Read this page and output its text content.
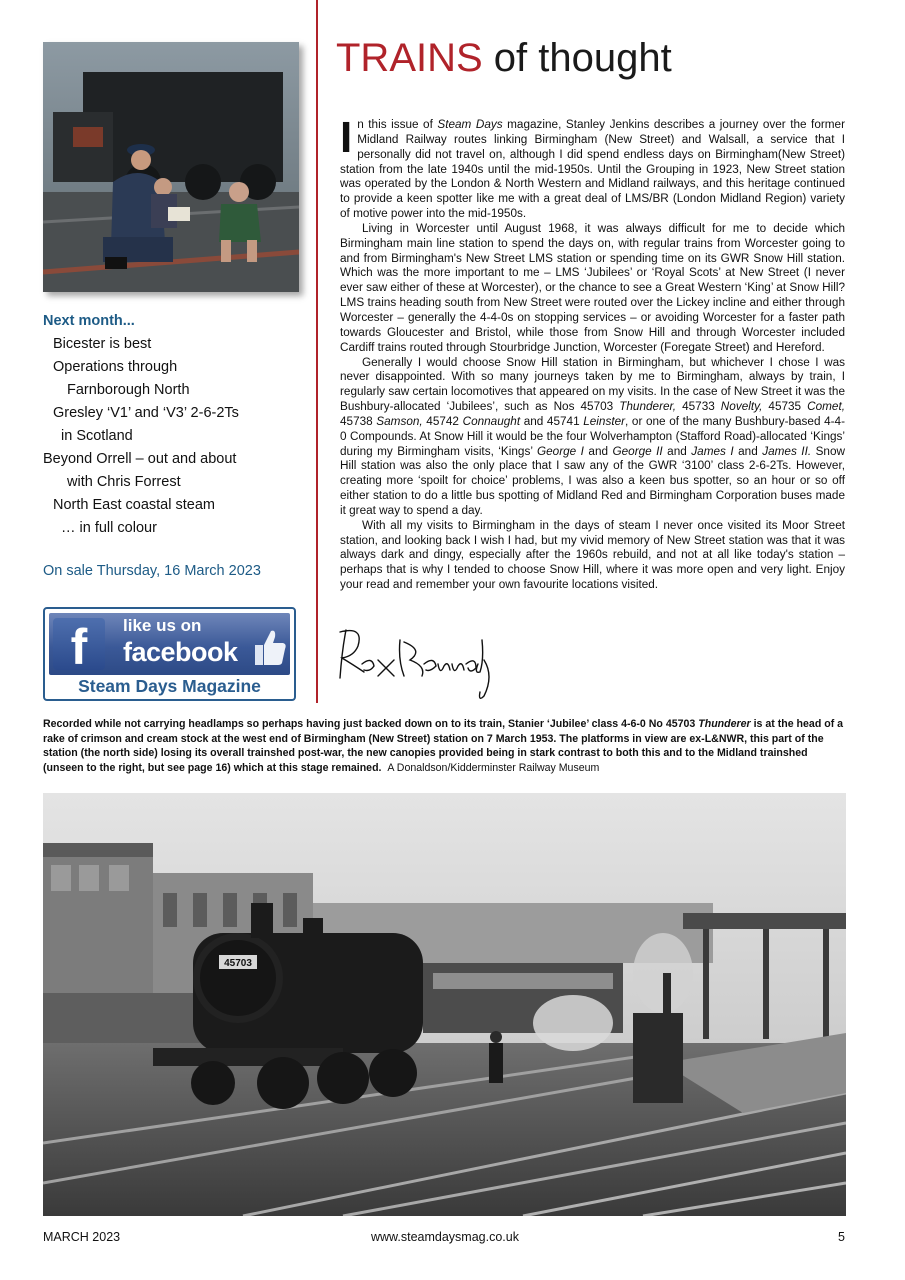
Next month...
Bicester is best
Operations through
Farnborough North
Gresley ‘V1’ and ‘V3’ 2-6-2Ts
in Scotland
Beyond Orrell – out and about
with Chris Forrest
North East coastal steam
… in full colour
On sale Thursday, 16 March 2023
f	like us on
facebook
Steam Days Magazine
TRAINS of thought

In this issue of Steam Days magazine, Stanley Jenkins describes a journey over the former Midland Railway routes linking Birmingham (New Street) and Walsall, a service that I personally did not travel on, although I did spend endless days on Birmingham(New Street) station from the late 1940s until the mid-1950s. Until the Grouping in 1923, New Street station was operated by the London & North Western and Midland railways, and this heritage continued to provide a keen spotter like me with a great deal of LMS/BR (London Midland Region) variety of motive power into the mid-1950s.

Living in Worcester until August 1968, it was always difficult for me to decide which Birmingham main line station to spend the days on, with regular trains from Worcester going to and from Birmingham's New Street LMS station or spending time on its GWR Snow Hill station. Which was the more important to me – LMS ‘Jubilees’ or ‘Royal Scots’ at New Street (I never ever saw either of these at Worcester), or the chance to see a Great Western ‘King’ at Snow Hill? LMS trains heading south from New Street were routed over the Lickey incline and either through Worcester – generally the 4-4-0s on stopping services – or avoiding Worcester for a faster path towards Gloucester and Bristol, while those from Snow Hill and through Worcester included Cardiff trains routed through Stourbridge Junction, Worcester (Foregate Street) and Hereford.

Generally I would choose Snow Hill station in Birmingham, but whichever I chose I was never disappointed. With so many journeys taken by me to Birmingham, always by train, I regularly saw certain locomotives that appeared on my visits. In the case of New Street it was the Bushbury-allocated ‘Jubilees’, such as Nos 45703 Thunderer, 45733 Novelty, 45735 Comet, 45738 Samson, 45742 Connaught and 45741 Leinster, or one of the many Bushbury-based 4-4-0 Compounds. At Snow Hill it would be the four Wolverhampton (Stafford Road)-allocated ‘Kings’ during my Birmingham visits, ‘Kings’ George I and George II and James I and James II. Snow Hill station was also the only place that I saw any of the GWR ‘3100’ class 2-6-2Ts. However, creating more ‘spoilt for choice’ problems, I was also a keen bus spotter, so an hour or so off either station to do a little bus spotting of Midland Red and Birmingham Corporation buses made it great way to spend a day.

With all my visits to Birmingham in the days of steam I never once visited its Moor Street station, and looking back I wish I had, but my vivid memory of New Street station was that it was always dark and dingy, especially after the 1960s rebuild, and not at all like today's station – perhaps that is why I tended to choose Snow Hill, where it was more open and very light. Enjoy your read and remember your own favourite locations visited.

Recorded while not carrying headlamps so perhaps having just backed down on to its train, Stanier ‘Jubilee’ class 4-6-0 No 45703 Thunderer is at the head of a rake of crimson and cream stock at the west end of Birmingham (New Street) station on 7 March 1953. The platforms in view are ex-L&NWR, this part of the station (the north side) losing its overall trainshed post-war, the new canopies provided being in stark contrast to both this and to the Midland trainshed (unseen to the right, but see page 16) which at this stage remained. A Donaldson/Kidderminster Railway Museum
45703
MARCH 2023	www.steamdaysmag.co.uk	5
